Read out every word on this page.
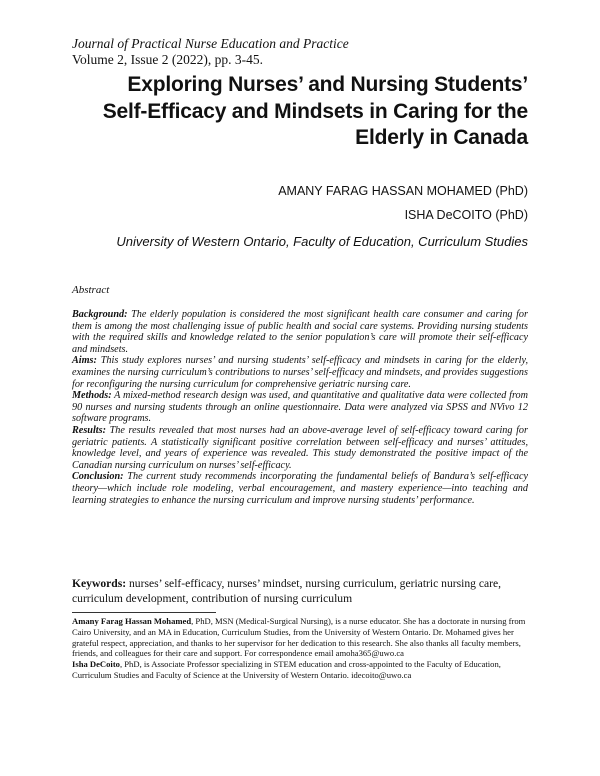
Journal of Practical Nurse Education and Practice
Volume 2, Issue 2 (2022), pp. 3-45.
Exploring Nurses’ and Nursing Students’ Self-Efficacy and Mindsets in Caring for the Elderly in Canada
AMANY FARAG HASSAN MOHAMED (PhD)
ISHA DeCOITO (PhD)
University of Western Ontario, Faculty of Education, Curriculum Studies
Abstract

Background: The elderly population is considered the most significant health care consumer and caring for them is among the most challenging issue of public health and social care systems. Providing nursing students with the required skills and knowledge related to the senior population’s care will promote their self-efficacy and mindsets.

Aims: This study explores nurses’ and nursing students’ self-efficacy and mindsets in caring for the elderly, examines the nursing curriculum’s contributions to nurses’ self-efficacy and mindsets, and provides suggestions for reconfiguring the nursing curriculum for comprehensive geriatric nursing care.

Methods: A mixed-method research design was used, and quantitative and qualitative data were collected from 90 nurses and nursing students through an online questionnaire. Data were analyzed via SPSS and NVivo 12 software programs.

Results: The results revealed that most nurses had an above-average level of self-efficacy toward caring for geriatric patients. A statistically significant positive correlation between self-efficacy and nurses’ attitudes, knowledge level, and years of experience was revealed. This study demonstrated the positive impact of the Canadian nursing curriculum on nurses’ self-efficacy.

Conclusion: The current study recommends incorporating the fundamental beliefs of Bandura’s self-efficacy theory—which include role modeling, verbal encouragement, and mastery experience—into teaching and learning strategies to enhance the nursing curriculum and improve nursing students’ performance.

Keywords: nurses’ self-efficacy, nurses’ mindset, nursing curriculum, geriatric nursing care, curriculum development, contribution of nursing curriculum

Amany Farag Hassan Mohamed, PhD, MSN (Medical-Surgical Nursing), is a nurse educator. She has a doctorate in nursing from Cairo University, and an MA in Education, Curriculum Studies, from the University of Western Ontario. Dr. Mohamed gives her grateful respect, appreciation, and thanks to her supervisor for her dedication to this research. She also thanks all faculty members, friends, and colleagues for their care and support. For correspondence email amoha365@uwo.ca

Isha DeCoito, PhD, is Associate Professor specializing in STEM education and cross-appointed to the Faculty of Education, Curriculum Studies and Faculty of Science at the University of Western Ontario. idecoito@uwo.ca
